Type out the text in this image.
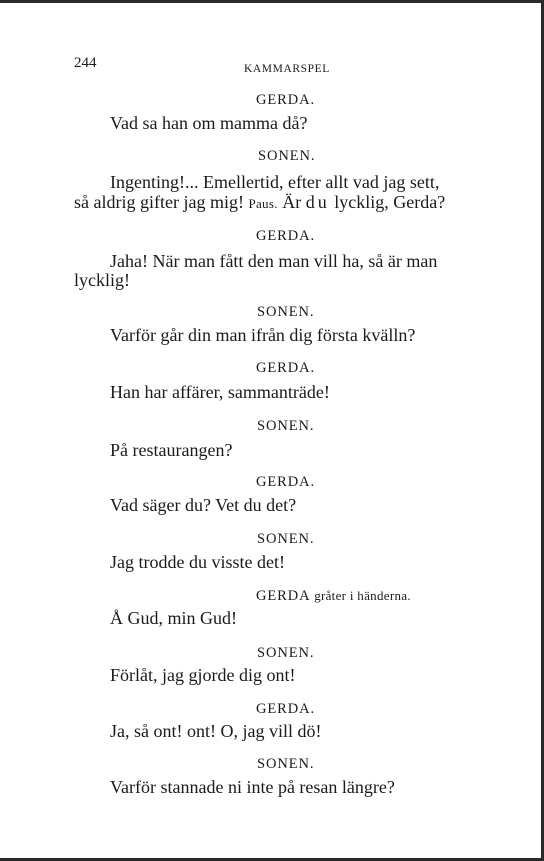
244	KAMMARSPEL
GERDA.
Vad sa han om mamma då?
SONEN.
Ingenting!... Emellertid, efter allt vad jag sett,
så aldrig gifter jag mig! Paus. Är du lycklig, Gerda?
GERDA.
Jaha! När man fått den man vill ha, så är man
lycklig!
SONEN.
Varför går din man ifrån dig första kvälln?
GERDA.
Han har affärer, sammanträde!
SONEN.
På restaurangen?
GERDA.
Vad säger du? Vet du det?
SONEN.
Jag trodde du visste det!
GERDA gråter i händerna.
Å Gud, min Gud!
SONEN.
Förlåt, jag gjorde dig ont!
GERDA.
Ja, så ont! ont! O, jag vill dö!
SONEN.
Varför stannade ni inte på resan längre?
